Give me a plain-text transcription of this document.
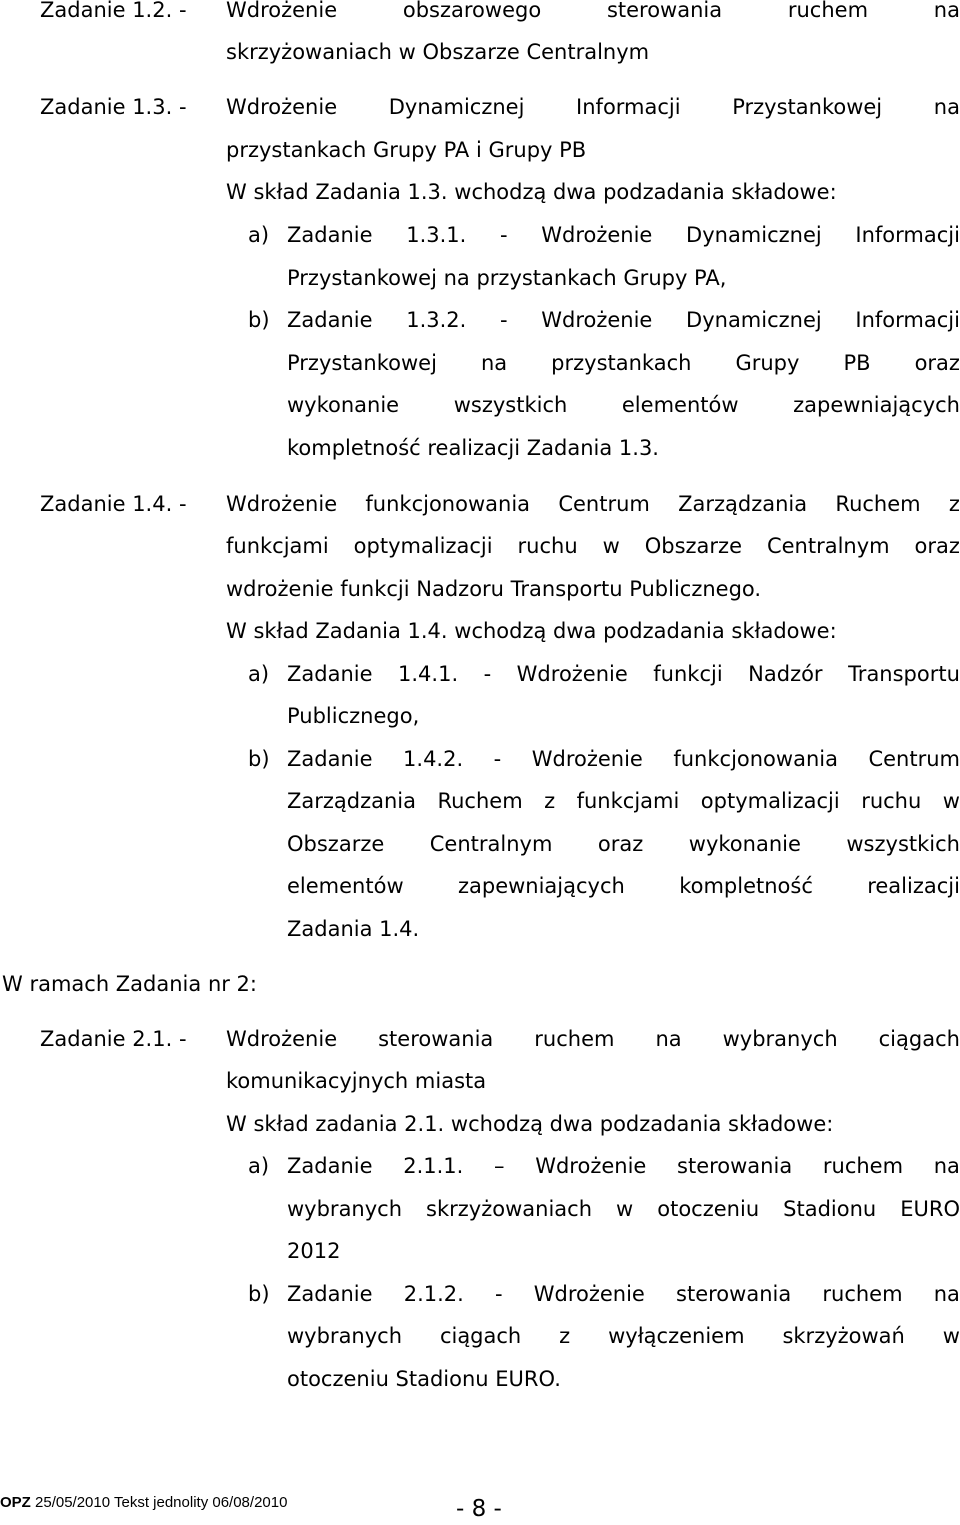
Zadanie 1.2. - Wdrożenie	obszarowego	sterowania	ruchem	na

skrzyżowaniach w Obszarze Centralnym

Zadanie 1.3. - Wdrożenie Dynamicznej Informacji Przystankowej na

przystankach Grupy PA i Grupy PB

W skład Zadania 1.3. wchodzą dwa podzadania składowe:

a) Zadanie 1.3.1. - Wdrożenie Dynamicznej Informacji

Przystankowej na przystankach Grupy PA,

b) Zadanie 1.3.2. - Wdrożenie Dynamicznej Informacji

Przystankowej na przystankach Grupy PB oraz

wykonanie	wszystkich	elementów	zapewniających

kompletność realizacji Zadania 1.3.

Zadanie 1.4. - Wdrożenie funkcjonowania Centrum Zarządzania Ruchem z

funkcjami optymalizacji ruchu w Obszarze Centralnym oraz

wdrożenie funkcji Nadzoru Transportu Publicznego.

W skład Zadania 1.4. wchodzą dwa podzadania składowe:

a) Zadanie 1.4.1. - Wdrożenie funkcji Nadzór Transportu

Publicznego,

b) Zadanie 1.4.2. - Wdrożenie funkcjonowania Centrum

Zarządzania Ruchem z funkcjami optymalizacji ruchu w

Obszarze Centralnym oraz wykonanie wszystkich

elementów	zapewniających	kompletność	realizacji

Zadania 1.4.

W ramach Zadania nr 2:

Zadanie 2.1. - Wdrożenie sterowania ruchem na wybranych ciągach

komunikacyjnych miasta

W skład zadania 2.1. wchodzą dwa podzadania składowe:

a) Zadanie 2.1.1. – Wdrożenie sterowania ruchem na

wybranych skrzyżowaniach w otoczeniu Stadionu EURO

2012

b) Zadanie 2.1.2. - Wdrożenie sterowania ruchem na

wybranych ciągach z wyłączeniem skrzyżowań w

otoczeniu Stadionu EURO.

OPZ 25/05/2010 Tekst jednolity 06/08/2010	- 8 -
